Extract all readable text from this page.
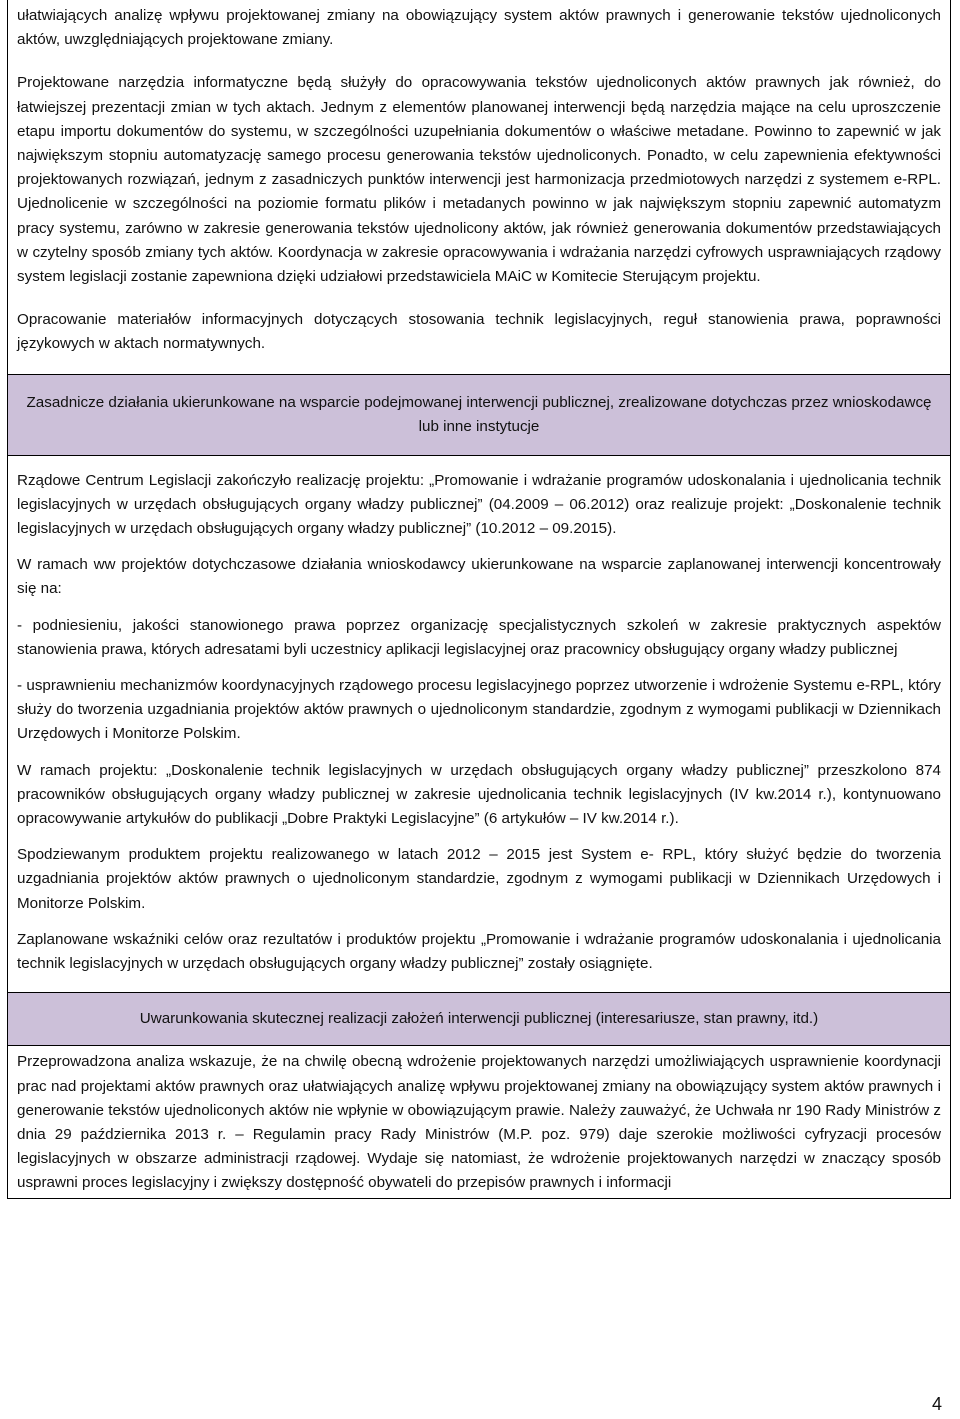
ułatwiających analizę wpływu projektowanej zmiany na obowiązujący system aktów prawnych i generowanie tekstów ujednoliconych aktów, uwzględniających projektowane zmiany.

Projektowane narzędzia informatyczne będą służyły do opracowywania tekstów ujednoliconych aktów prawnych jak również, do łatwiejszej prezentacji zmian w tych aktach. Jednym z elementów planowanej interwencji będą narzędzia mające na celu uproszczenie etapu importu dokumentów do systemu, w szczególności uzupełniania dokumentów o właściwe metadane. Powinno to zapewnić w jak największym stopniu automatyzację samego procesu generowania tekstów ujednoliconych. Ponadto, w celu zapewnienia efektywności projektowanych rozwiązań, jednym z zasadniczych punktów interwencji jest harmonizacja przedmiotowych narzędzi z systemem e-RPL. Ujednolicenie w szczególności na poziomie formatu plików i metadanych powinno w jak największym stopniu zapewnić automatyzm pracy systemu, zarówno w zakresie generowania tekstów ujednolicony aktów, jak również generowania dokumentów przedstawiających w czytelny sposób zmiany tych aktów. Koordynacja w zakresie opracowywania i wdrażania narzędzi cyfrowych usprawniających rządowy system legislacji zostanie zapewniona dzięki udziałowi przedstawiciela MAiC w Komitecie Sterującym projektu.

Opracowanie materiałów informacyjnych dotyczących stosowania technik legislacyjnych, reguł stanowienia prawa, poprawności językowych w aktach normatywnych.

Zasadnicze działania ukierunkowane na wsparcie podejmowanej interwencji publicznej, zrealizowane dotychczas przez wnioskodawcę lub inne instytucje

Rządowe Centrum Legislacji zakończyło realizację projektu: „Promowanie i wdrażanie programów udoskonalania i ujednolicania technik legislacyjnych w urzędach obsługujących organy władzy publicznej” (04.2009 – 06.2012) oraz realizuje projekt: „Doskonalenie technik legislacyjnych w urzędach obsługujących organy władzy publicznej” (10.2012 – 09.2015).

W ramach ww projektów dotychczasowe działania wnioskodawcy ukierunkowane na wsparcie zaplanowanej interwencji koncentrowały się na:

- podniesieniu, jakości stanowionego prawa poprzez organizację specjalistycznych szkoleń w zakresie praktycznych aspektów stanowienia prawa, których adresatami byli uczestnicy aplikacji legislacyjnej oraz pracownicy obsługujący organy władzy publicznej

- usprawnieniu mechanizmów koordynacyjnych rządowego procesu legislacyjnego poprzez utworzenie i wdrożenie Systemu e-RPL, który służy do tworzenia uzgadniania projektów aktów prawnych o ujednoliconym standardzie, zgodnym z wymogami publikacji w Dziennikach Urzędowych i Monitorze Polskim.

W ramach projektu: „Doskonalenie technik legislacyjnych w urzędach obsługujących organy władzy publicznej” przeszkolono 874 pracowników obsługujących organy władzy publicznej w zakresie ujednolicania technik legislacyjnych (IV kw.2014 r.), kontynuowano opracowywanie artykułów do publikacji „Dobre Praktyki Legislacyjne” (6 artykułów – IV kw.2014 r.).

Spodziewanym produktem projektu realizowanego w latach 2012 – 2015 jest System e- RPL, który służyć będzie do tworzenia uzgadniania projektów aktów prawnych o ujednoliconym standardzie, zgodnym z wymogami publikacji w Dziennikach Urzędowych i Monitorze Polskim.

Zaplanowane wskaźniki celów oraz rezultatów i produktów projektu „Promowanie i wdrażanie programów udoskonalania i ujednolicania technik legislacyjnych w urzędach obsługujących organy władzy publicznej” zostały osiągnięte.

Uwarunkowania skutecznej realizacji założeń interwencji publicznej (interesariusze, stan prawny, itd.)

Przeprowadzona analiza wskazuje, że na chwilę obecną wdrożenie projektowanych narzędzi umożliwiających usprawnienie koordynacji prac nad projektami aktów prawnych oraz ułatwiających analizę wpływu projektowanej zmiany na obowiązujący system aktów prawnych i generowanie tekstów ujednoliconych aktów nie wpłynie w obowiązującym prawie. Należy zauważyć, że Uchwała nr 190 Rady Ministrów z dnia 29 października 2013 r. – Regulamin pracy Rady Ministrów (M.P. poz. 979) daje szerokie możliwości cyfryzacji procesów legislacyjnych w obszarze administracji rządowej. Wydaje się natomiast, że wdrożenie projektowanych narzędzi w znaczący sposób usprawni proces legislacyjny i zwiększy dostępność obywateli do przepisów prawnych i informacji

4
